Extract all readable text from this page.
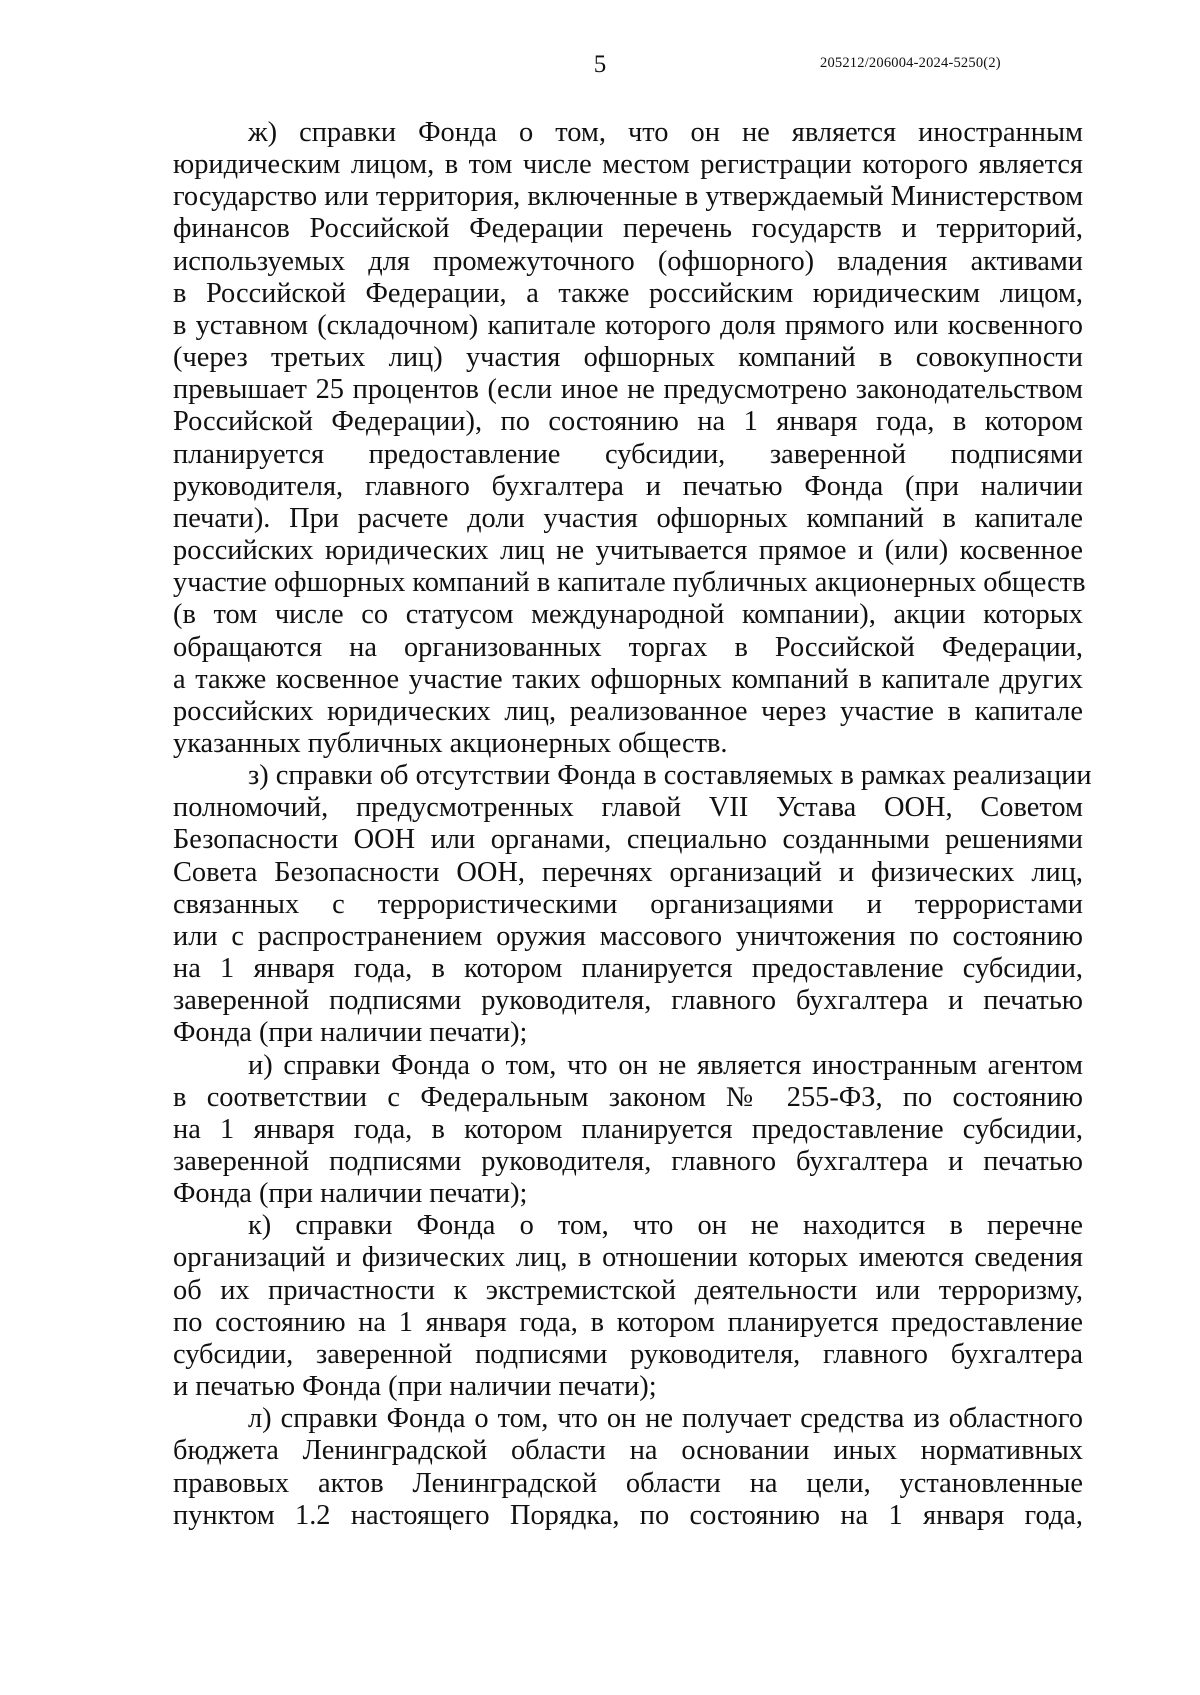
5	205212/206004-2024-5250(2)

ж) справки Фонда о том, что он не является иностранным
юридическим лицом, в том числе местом регистрации которого является
государство или территория, включенные в утверждаемый Министерством
финансов Российской Федерации перечень государств и территорий,
используемых для промежуточного (офшорного) владения активами
в Российской Федерации, а также российским юридическим лицом,
в уставном (складочном) капитале которого доля прямого или косвенного
(через третьих лиц) участия офшорных компаний в совокупности
превышает 25 процентов (если иное не предусмотрено законодательством
Российской Федерации), по состоянию на 1 января года, в котором
планируется предоставление субсидии, заверенной подписями
руководителя, главного бухгалтера и печатью Фонда (при наличии
печати). При расчете доли участия офшорных компаний в капитале
российских юридических лиц не учитывается прямое и (или) косвенное
участие офшорных компаний в капитале публичных акционерных обществ
(в том числе со статусом международной компании), акции которых
обращаются на организованных торгах в Российской Федерации,
а также косвенное участие таких офшорных компаний в капитале других
российских юридических лиц, реализованное через участие в капитале
указанных публичных акционерных обществ.

з) справки об отсутствии Фонда в составляемых в рамках реализации
полномочий, предусмотренных главой VII Устава ООН, Советом
Безопасности ООН или органами, специально созданными решениями
Совета Безопасности ООН, перечнях организаций и физических лиц,
связанных с террористическими организациями и террористами
или с распространением оружия массового уничтожения по состоянию
на 1 января года, в котором планируется предоставление субсидии,
заверенной подписями руководителя, главного бухгалтера и печатью
Фонда (при наличии печати);

и) справки Фонда о том, что он не является иностранным агентом
в соответствии с Федеральным законом № 255-ФЗ, по состоянию
на 1 января года, в котором планируется предоставление субсидии,
заверенной подписями руководителя, главного бухгалтера и печатью
Фонда (при наличии печати);

к) справки Фонда о том, что он не находится в перечне
организаций и физических лиц, в отношении которых имеются сведения
об их причастности к экстремистской деятельности или терроризму,
по состоянию на 1 января года, в котором планируется предоставление
субсидии, заверенной подписями руководителя, главного бухгалтера
и печатью Фонда (при наличии печати);

л) справки Фонда о том, что он не получает средства из областного
бюджета Ленинградской области на основании иных нормативных
правовых актов Ленинградской области на цели, установленные
пунктом 1.2 настоящего Порядка, по состоянию на 1 января года,
